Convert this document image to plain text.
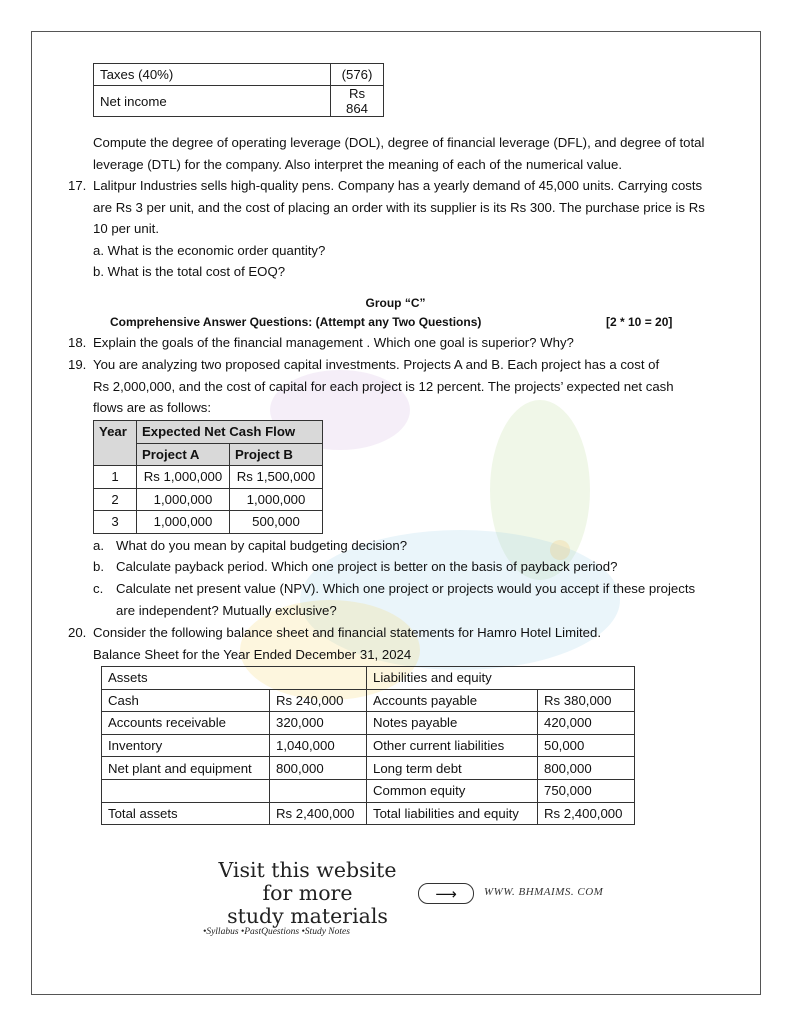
Taxes (40%)	(576)
Net income	Rs 864

Compute the degree of operating leverage (DOL), degree of financial leverage (DFL), and degree of total
leverage (DTL) for the company. Also interpret the meaning of each of the numerical value.

17. Lalitpur Industries sells high-quality pens. Company has a yearly demand of 45,000 units. Carrying costs
are Rs 3 per unit, and the cost of placing an order with its supplier is its Rs 300. The purchase price is Rs
10 per unit.
a. What is the economic order quantity?
b. What is the total cost of EOQ?

Group “C”
Comprehensive Answer Questions: (Attempt any Two Questions)	[2 * 10 = 20]
18. Explain the goals of the financial management . Which one goal is superior? Why?

19. You are analyzing two proposed capital investments. Projects A and B. Each project has a cost of
Rs 2,000,000, and the cost of capital for each project is 12 percent. The projects’ expected net cash
flows are as follows:

Year	Expected Net Cash Flow	
	Project A	Project B
1	Rs 1,000,000	Rs 1,500,000
2	1,000,000	1,000,000
3	1,000,000	500,000
a. What do you mean by capital budgeting decision?
b. Calculate payback period. Which one project is better on the basis of payback period?
c. Calculate net present value (NPV). Which one project or projects would you accept if these projects
are independent? Mutually exclusive?

20. Consider the following balance sheet and financial statements for Hamro Hotel Limited.
Balance Sheet for the Year Ended December 31, 2024

Assets		Liabilities and equity	
Cash	Rs 240,000	Accounts payable	Rs 380,000
Accounts receivable	320,000	Notes payable	420,000
Inventory	1,040,000	Other current liabilities	50,000
Net plant and equipment	800,000	Long term debt	800,000
		Common equity	750,000
Total assets	Rs 2,400,000	Total liabilities and equity	Rs 2,400,000
Visit this website
for more
study materials
•Syllabus •PastQuestions •Study Notes
⟶	WWW. BHMAIMS. COM
